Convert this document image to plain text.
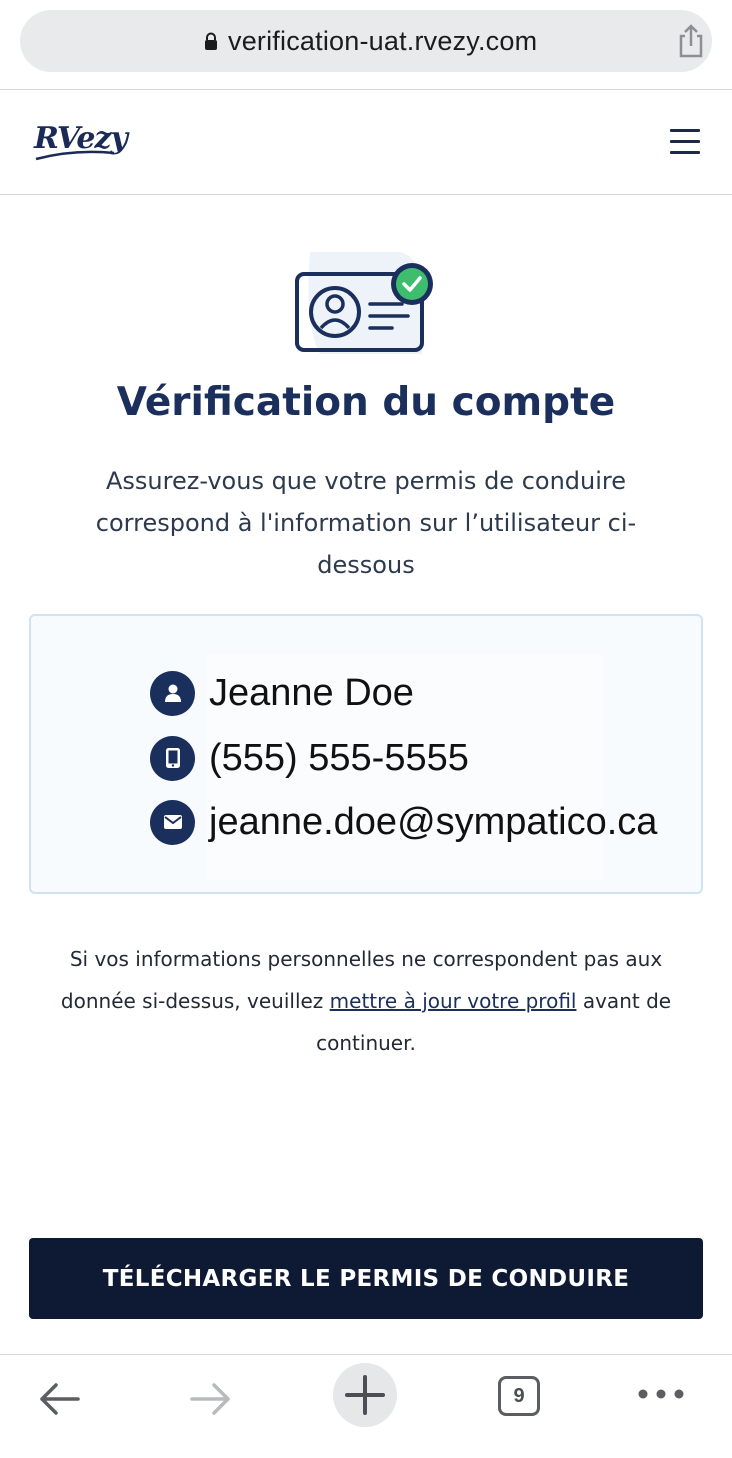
verification-uat.rvezy.com
RVezy
Vérification du compte

Assurez-vous que votre permis de conduire correspond à l'information sur l’utilisateur ci-dessous

Jeanne Doe
(555) 555-5555
jeanne.doe@sympatico.ca

Si vos informations personnelles ne correspondent pas aux donnée si-dessus, veuillez mettre à jour votre profil avant de continuer.

TÉLÉCHARGER LE PERMIS DE CONDUIRE
9
